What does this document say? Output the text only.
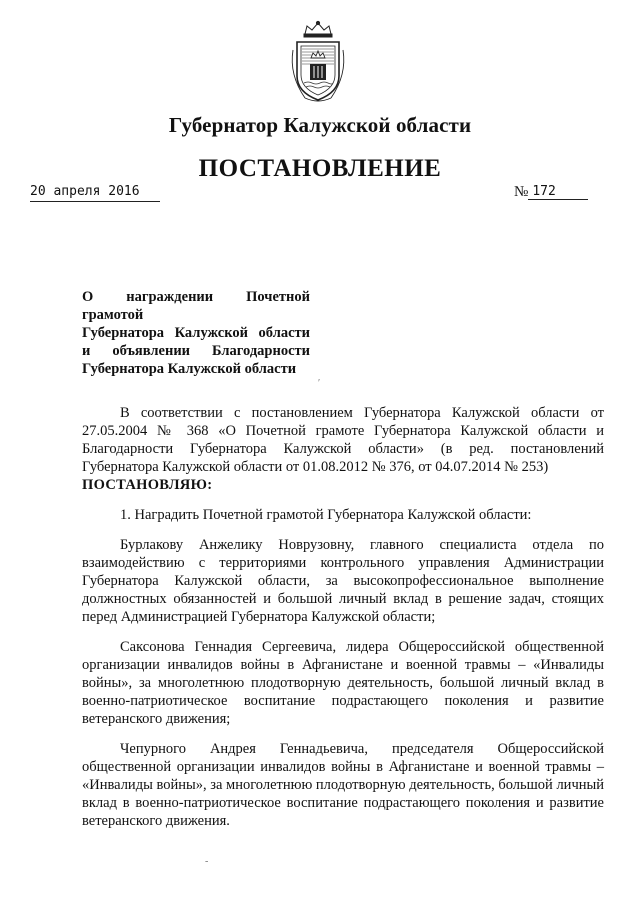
Губернатор Калужской области
ПОСТАНОВЛЕНИЕ
20 апреля 2016	№ 172
О награждении Почетной грамотой
Губернатора Калужской области
и объявлении Благодарности
Губернатора Калужской области
′

В соответствии с постановлением Губернатора Калужской области от 27.05.2004 № 368 «О Почетной грамоте Губернатора Калужской области и Благодарности Губернатора Калужской области» (в ред. постановлений Губернатора Калужской области от 01.08.2012 № 376, от 04.07.2014 № 253)

ПОСТАНОВЛЯЮ:

1. Наградить Почетной грамотой Губернатора Калужской области:

Бурлакову Анжелику Новрузовну, главного специалиста отдела по взаимодействию с территориями контрольного управления Администрации Губернатора Калужской области, за высокопрофессиональное выполнение должностных обязанностей и большой личный вклад в решение задач, стоящих перед Администрацией Губернатора Калужской области;

Саксонова Геннадия Сергеевича, лидера Общероссийской общественной организации инвалидов войны в Афганистане и военной травмы – «Инвалиды войны», за многолетнюю плодотворную деятельность, большой личный вклад в военно-патриотическое воспитание подрастающего поколения и развитие ветеранского движения;

Чепурного Андрея Геннадьевича, председателя Общероссийской общественной организации инвалидов войны в Афганистане и военной травмы – «Инвалиды войны», за многолетнюю плодотворную деятельность, большой личный вклад в военно-патриотическое воспитание подрастающего поколения и развитие ветеранского движения.

-
